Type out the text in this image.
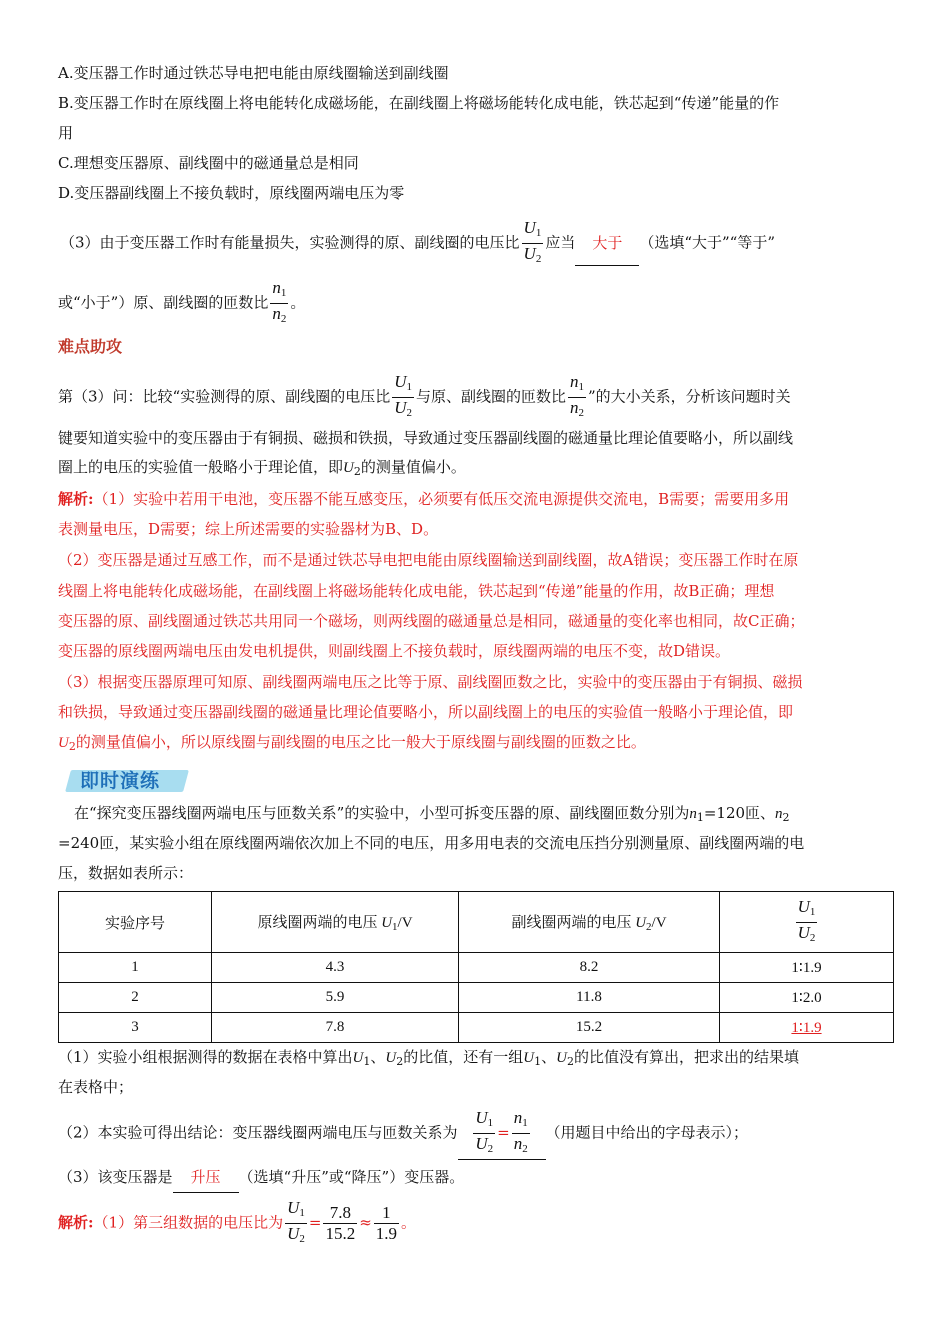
A.变压器工作时通过铁芯导电把电能由原线圈输送到副线圈
B.变压器工作时在原线圈上将电能转化成磁场能，在副线圈上将磁场能转化成电能，铁芯起到“传递”能量的作
用
C.理想变压器原、副线圈中的磁通量总是相同
D.变压器副线圈上不接负载时，原线圈两端电压为零
（3）由于变压器工作时有能量损失，实验测得的原、副线圈的电压比 $\frac{U_1}{U_2}$ 应当 大于 （选填“大于”“等于”
或“小于”）原、副线圈的匝数比 $\frac{n_1}{n_2}$ 。
难点助攻
第（3）问：比较“实验测得的原、副线圈的电压比 $\frac{U_1}{U_2}$ 与原、副线圈的匝数比 $\frac{n_1}{n_2}$ ”的大小关系，分析该问题时关
键要知道实验中的变压器由于有铜损、磁损和铁损，导致通过变压器副线圈的磁通量比理论值要略小，所以副线
圈上的电压的实验值一般略小于理论值，即$U_2$的测量值偏小。
解析:（1）实验中若用干电池，变压器不能互感变压，必须要有低压交流电源提供交流电，B需要；需要用多用
表测量电压，D需要；综上所述需要的实验器材为B、D。
（2）变压器是通过互感工作，而不是通过铁芯导电把电能由原线圈输送到副线圈，故A错误；变压器工作时在原
线圈上将电能转化成磁场能，在副线圈上将磁场能转化成电能，铁芯起到“传递”能量的作用，故B正确；理想
变压器的原、副线圈通过铁芯共用同一个磁场，则两线圈的磁通量总是相同，磁通量的变化率也相同，故C正确；
变压器的原线圈两端电压由发电机提供，则副线圈上不接负载时，原线圈两端的电压不变，故D错误。
（3）根据变压器原理可知原、副线圈两端电压之比等于原、副线圈匝数之比，实验中的变压器由于有铜损、磁损
和铁损，导致通过变压器副线圈的磁通量比理论值要略小，所以副线圈上的电压的实验值一般略小于理论值，即
$U_2$的测量值偏小，所以原线圈与副线圈的电压之比一般大于原线圈与副线圈的匝数之比。
即时演练
在“探究变压器线圈两端电压与匝数关系”的实验中，小型可拆变压器的原、副线圈匝数分别为$n_1=120$匝、$n_2$
=240匝，某实验小组在原线圈两端依次加上不同的电压，用多用电表的交流电压挡分别测量原、副线圈两端的电
压，数据如表所示：
实验序号	原线圈两端的电压 $U_1/V$	副线圈两端的电压 $U_2/V$	$\frac{U_1}{U_2}$

1	4.3	8.2	1∶1.9
2	5.9	11.8	1∶2.0
3	7.8	15.2	1∶1.9
（1）实验小组根据测得的数据在表格中算出$U_1$、$U_2$的比值，还有一组$U_1$、$U_2$的比值没有算出，把求出的结果填
在表格中；
（2）本实验可得出结论：变压器线圈两端电压与匝数关系为 $\frac{U_1}{U_2} = \frac{n_1}{n_2}$ （用题目中给出的字母表示）；
（3）该变压器是 升压 （选填“升压”或“降压”）变压器。
解析:（1）第三组数据的电压比为 $\frac{U_1}{U_2} = \frac{7.8}{15.2} \approx \frac{1}{1.9}$ 。
